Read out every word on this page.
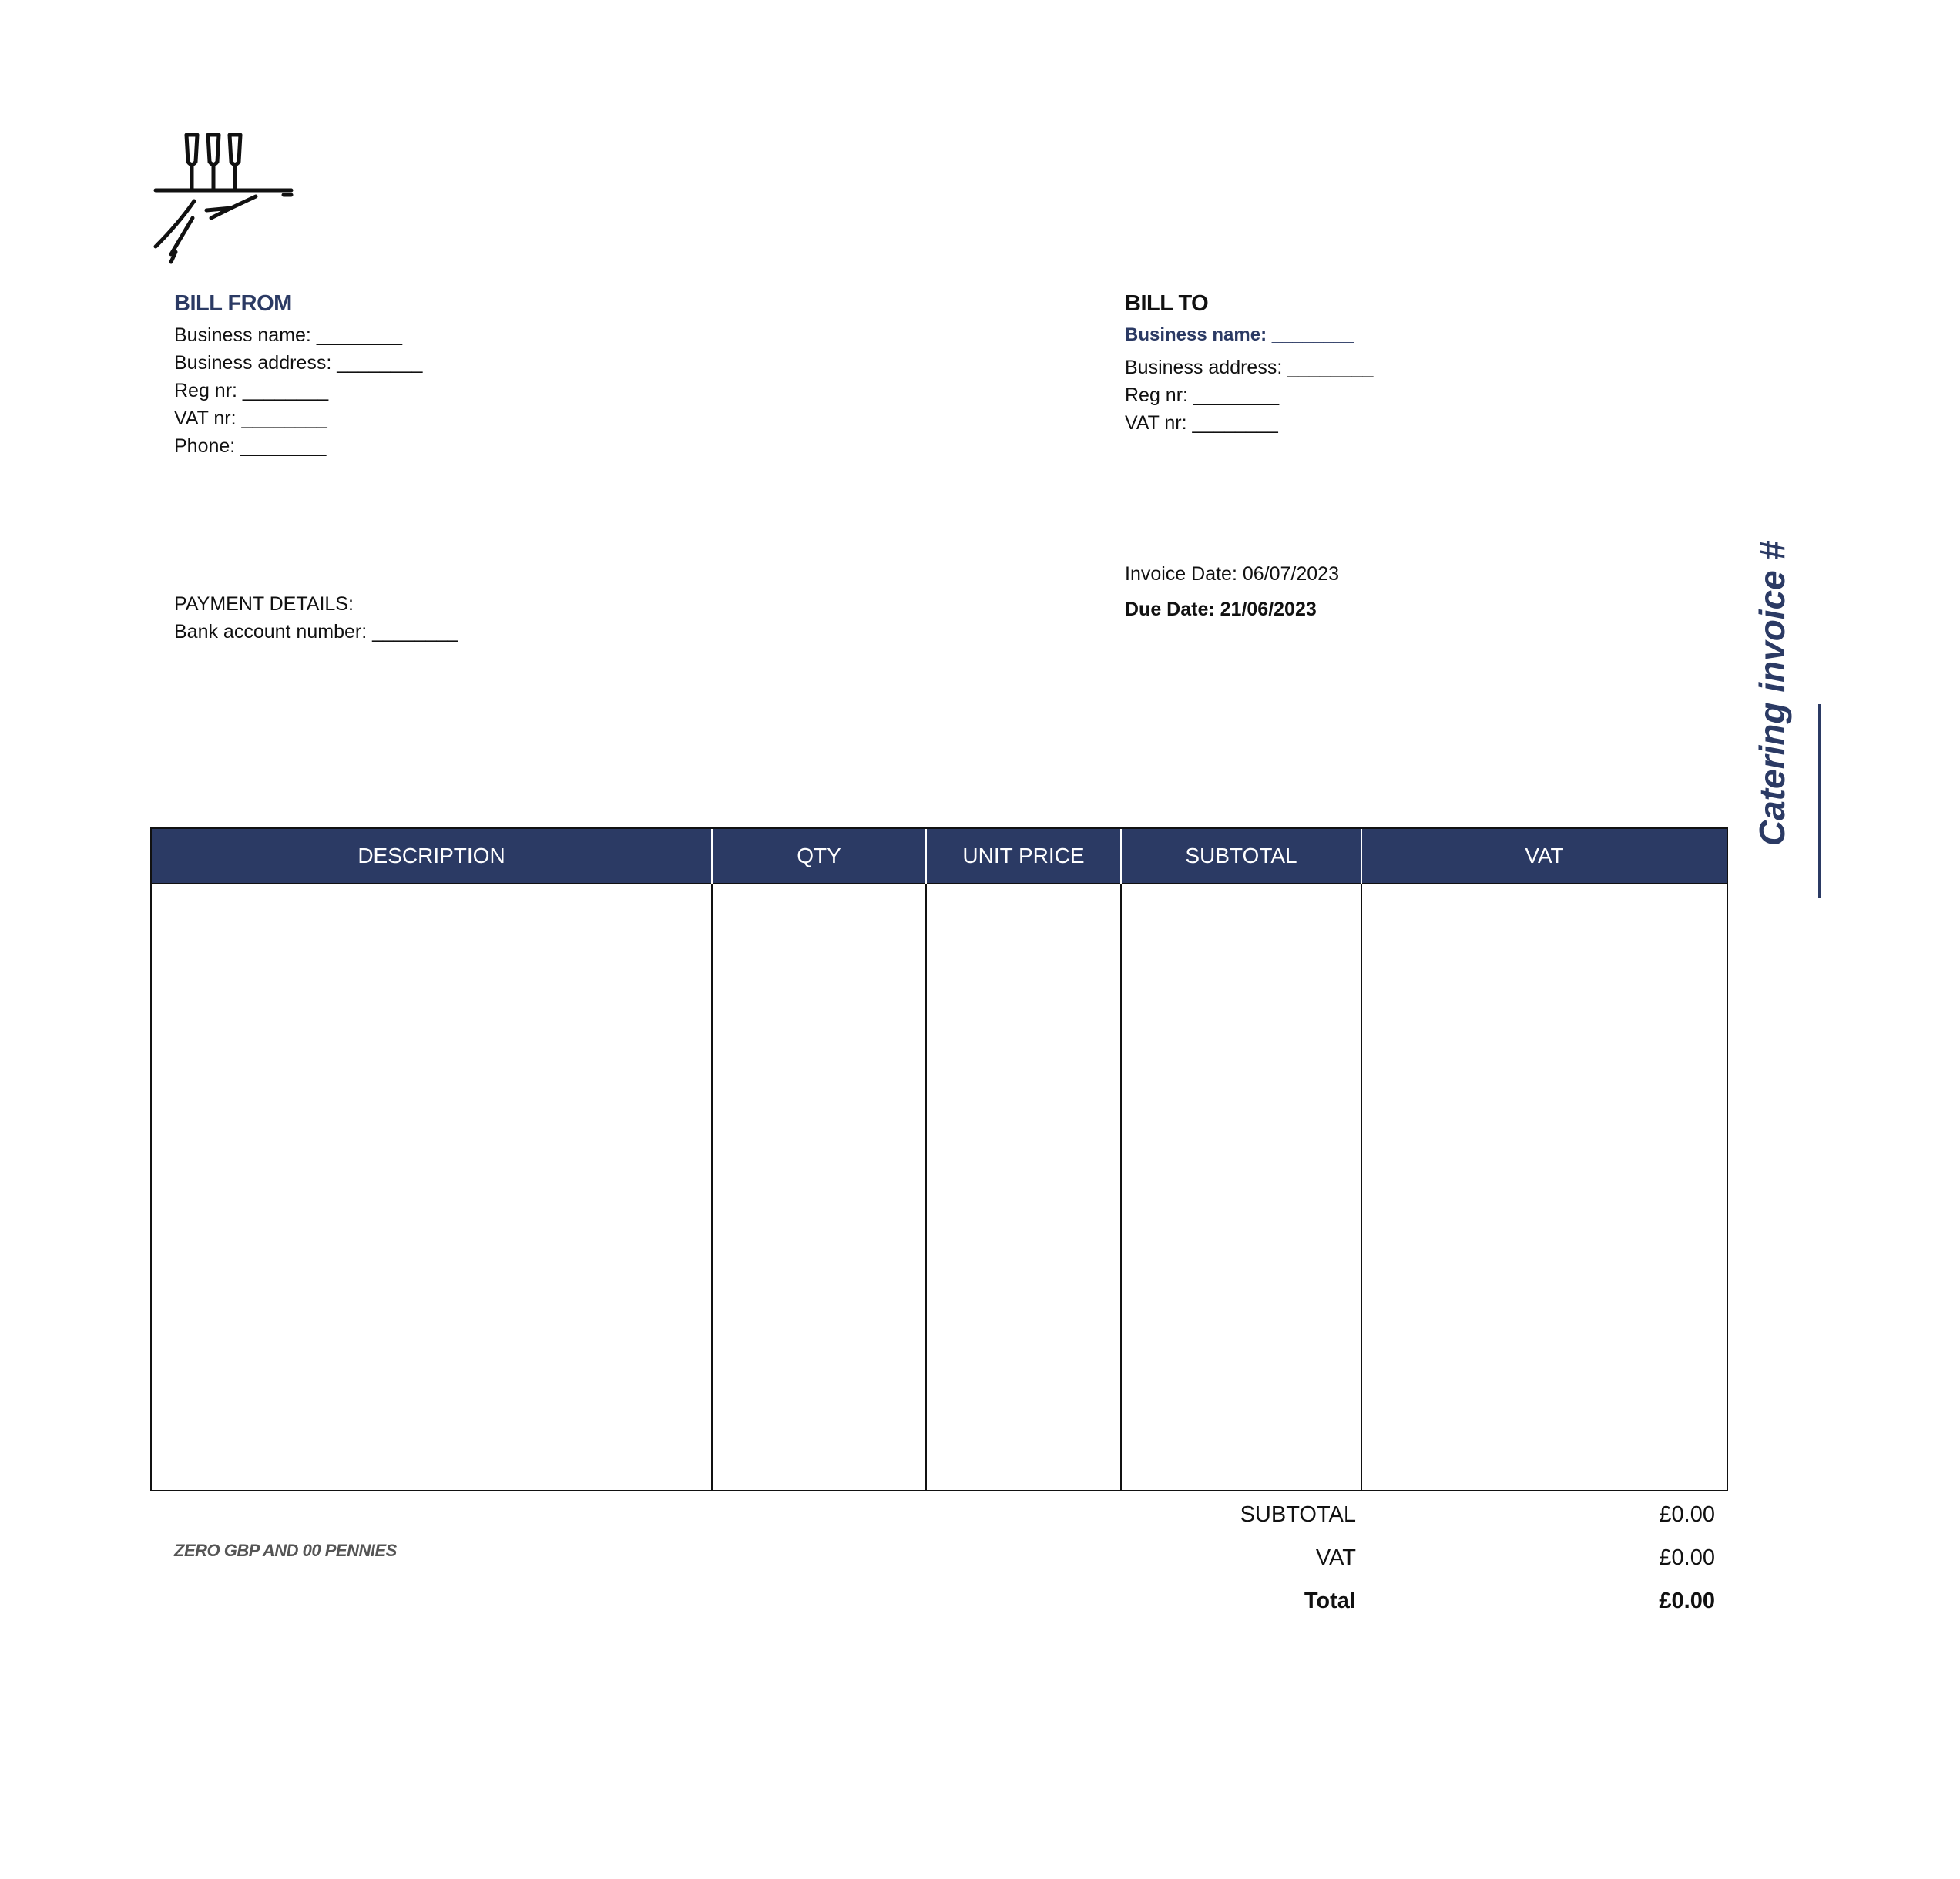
BILL FROM
Business name: ________
Business address: ________
Reg nr: ________
VAT nr: ________
Phone: ________
BILL TO
Business name: ________
Business address: ________
Reg nr: ________
VAT nr: ________
Invoice Date: 06/07/2023
Due Date: 21/06/2023
PAYMENT DETAILS:
Bank account number: ________
DESCRIPTION	QTY	UNIT PRICE	SUBTOTAL	VAT

ZERO GBP AND 00 PENNIES
SUBTOTAL	£0.00
VAT	£0.00
Total	£0.00
Catering invoice #
